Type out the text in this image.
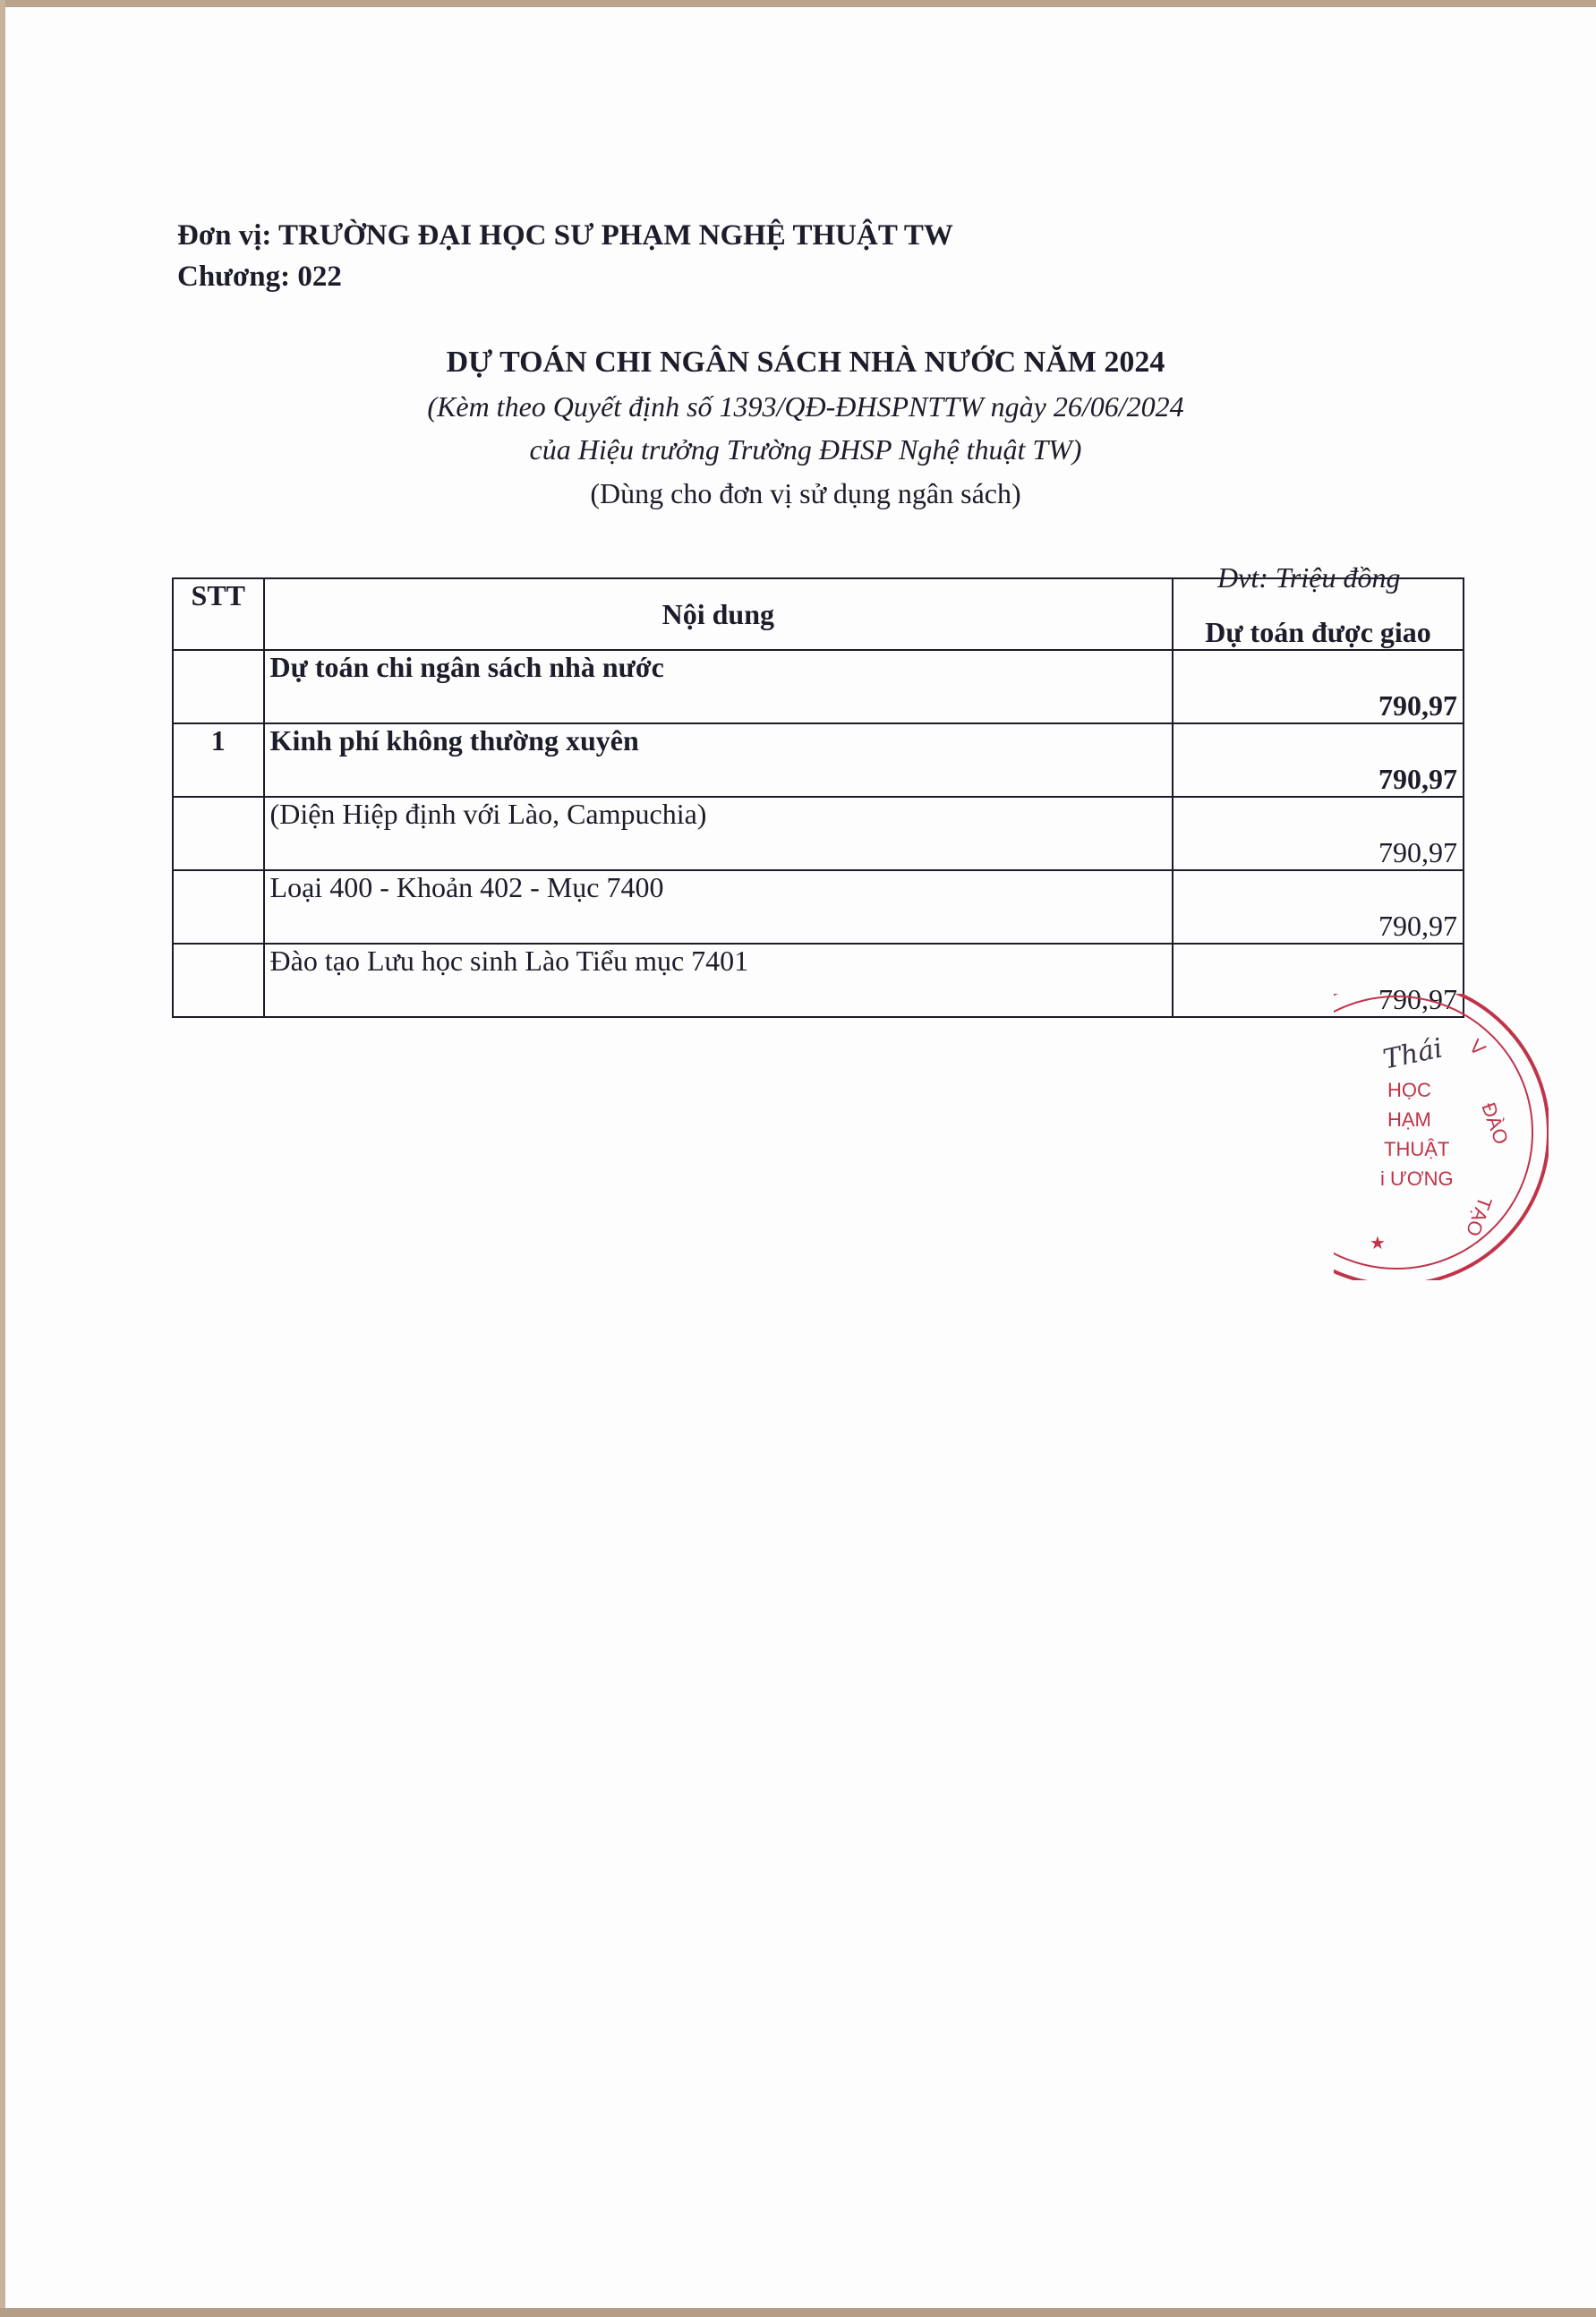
Đơn vị: TRƯỜNG ĐẠI HỌC SƯ PHẠM NGHỆ THUẬT TW
Chương: 022
DỰ TOÁN CHI NGÂN SÁCH NHÀ NƯỚC NĂM 2024
(Kèm theo Quyết định số 1393/QĐ-ĐHSPNTTW ngày 26/06/2024
của Hiệu trưởng Trường ĐHSP Nghệ thuật TW)
(Dùng cho đơn vị sử dụng ngân sách)
Đvt: Triệu đồng
STT	Nội dung	Dự toán được giao
	Dự toán chi ngân sách nhà nước	790,97
1	Kinh phí không thường xuyên	790,97
	(Diện Hiệp định với Lào, Campuchia)	790,97
	Loại 400 - Khoản 402 - Mục 7400	790,97
	Đào tạo Lưu học sinh Lào Tiểu mục 7401	790,97
HỌC
HẠM
THUẬT
i ƯƠNG
ĐÀO
TẠO
V
★
Thái
